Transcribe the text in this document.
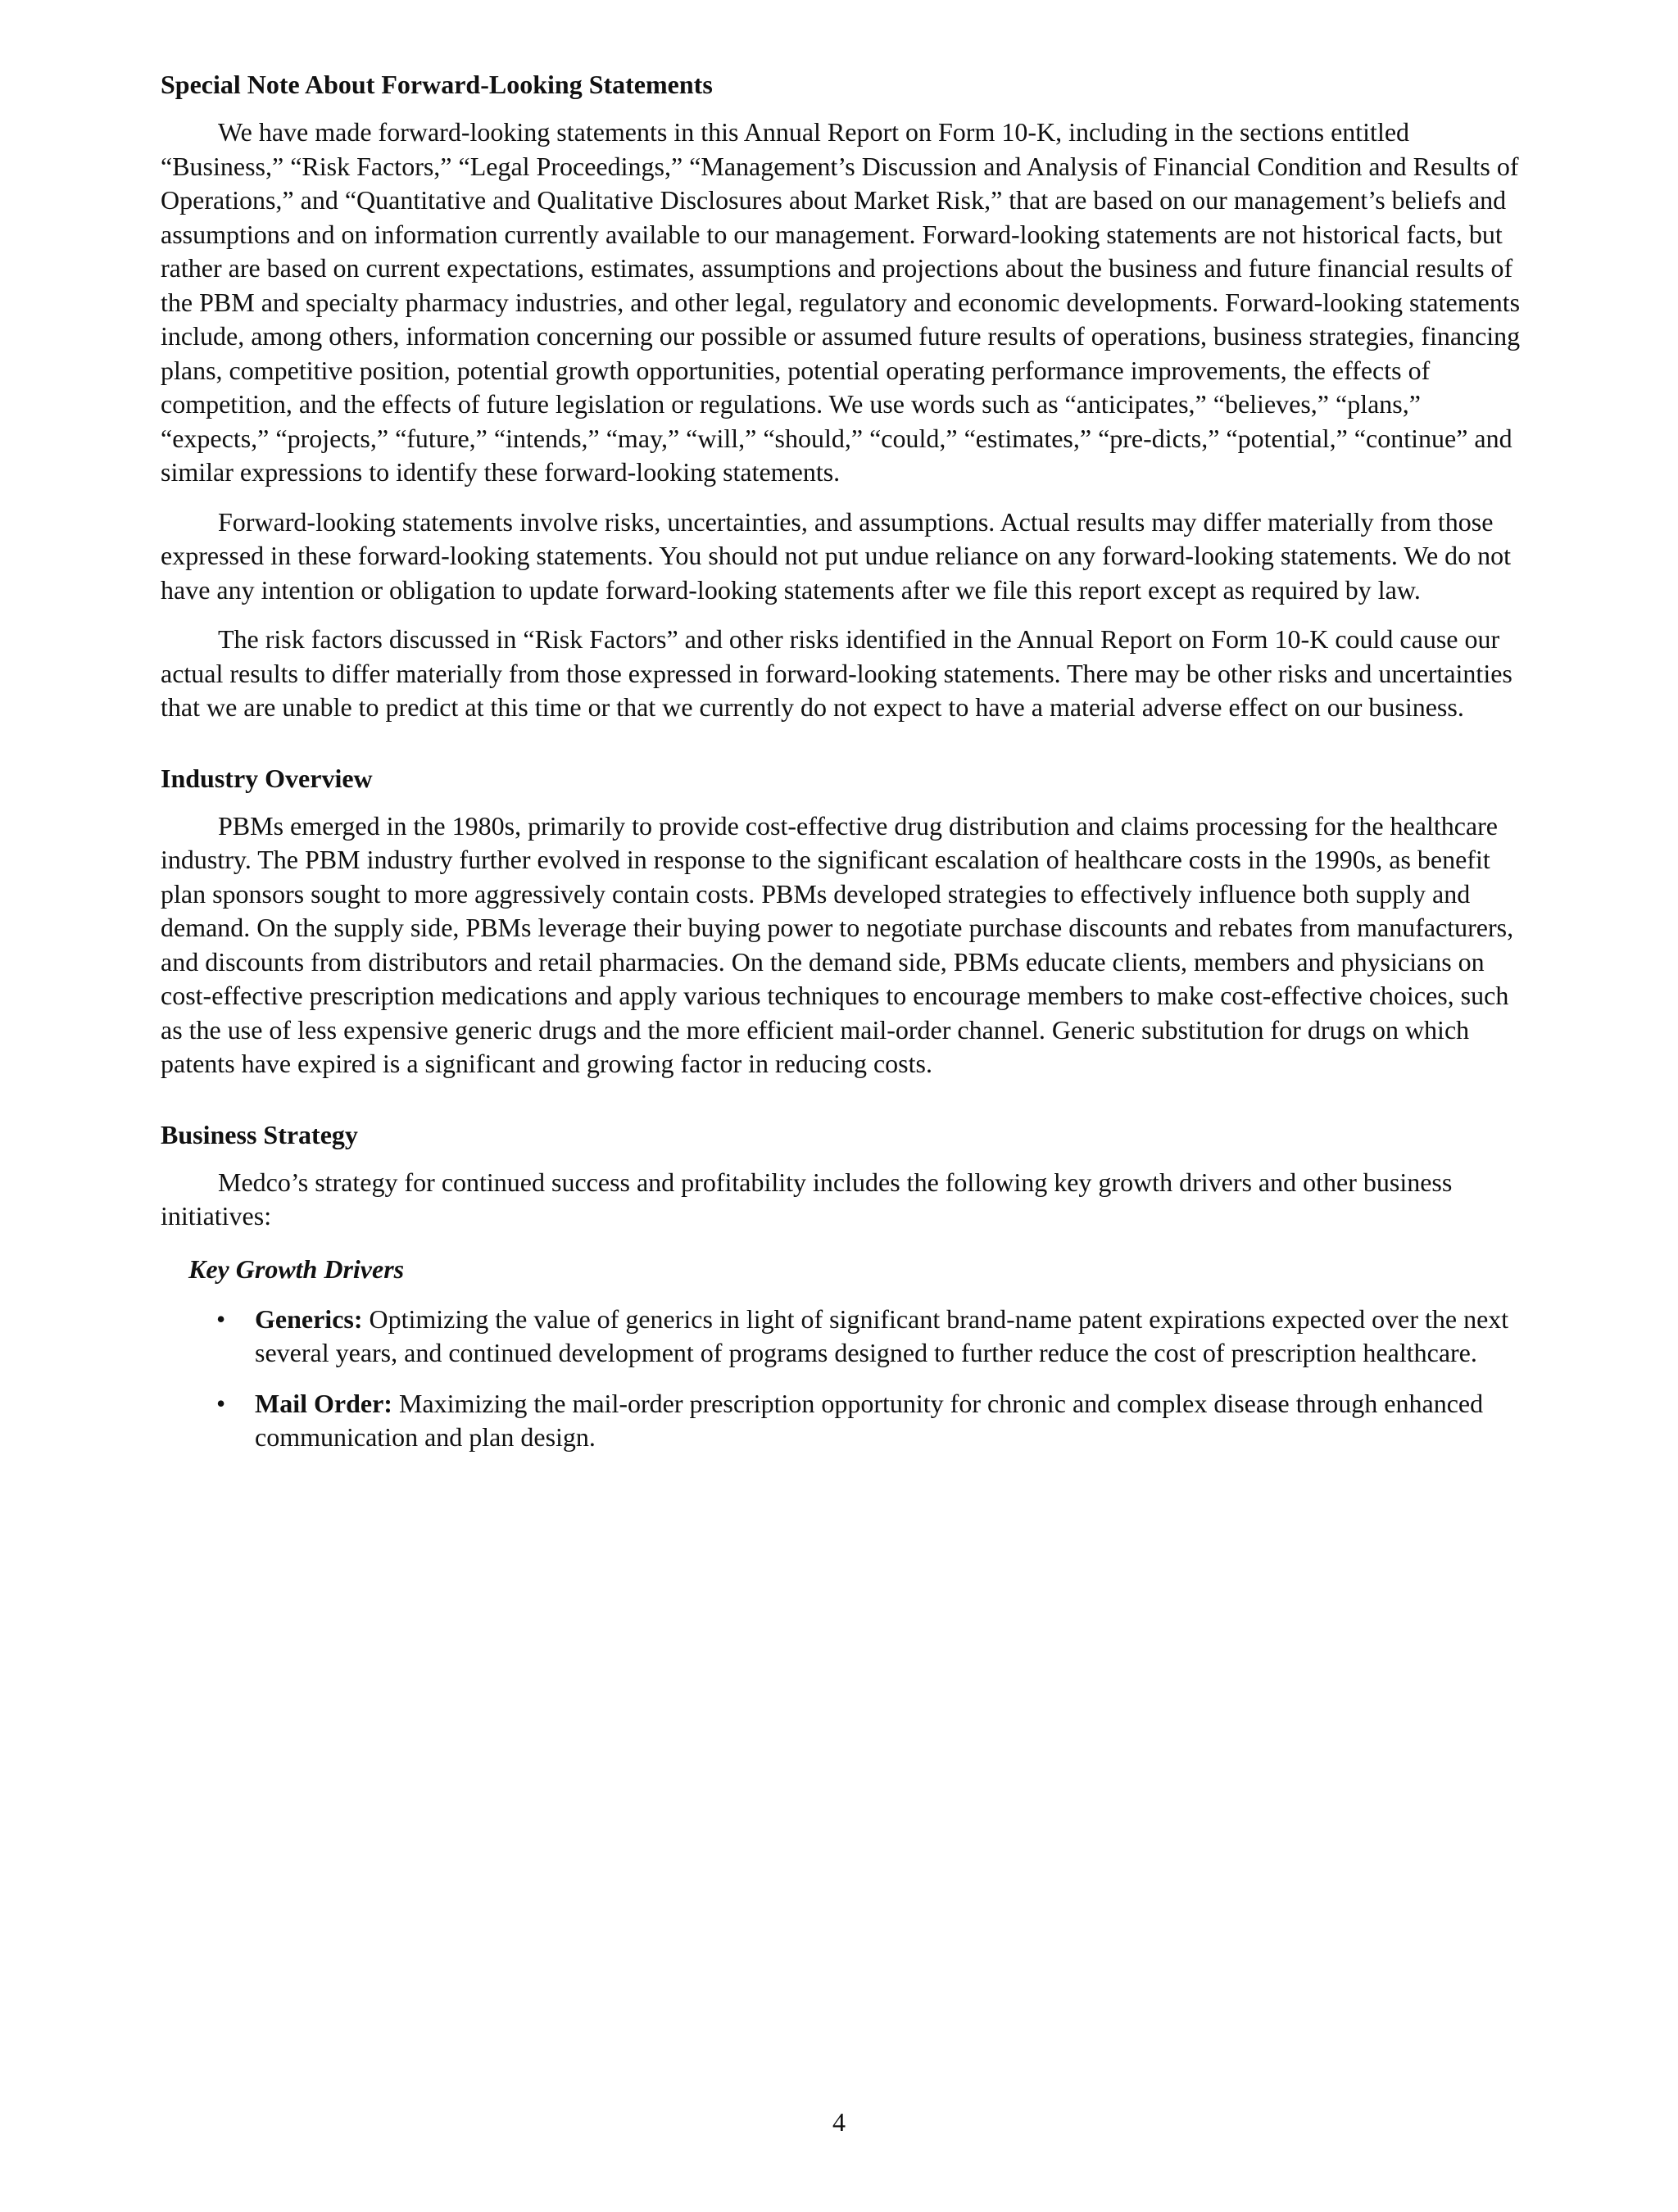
Special Note About Forward-Looking Statements

We have made forward-looking statements in this Annual Report on Form 10-K, including in the sections entitled “Business,” “Risk Factors,” “Legal Proceedings,” “Management’s Discussion and Analysis of Financial Condition and Results of Operations,” and “Quantitative and Qualitative Disclosures about Market Risk,” that are based on our management’s beliefs and assumptions and on information currently available to our management. Forward-looking statements are not historical facts, but rather are based on current expectations, estimates, assumptions and projections about the business and future financial results of the PBM and specialty pharmacy industries, and other legal, regulatory and economic developments. Forward-looking statements include, among others, information concerning our possible or assumed future results of operations, business strategies, financing plans, competitive position, potential growth opportunities, potential operating performance improvements, the effects of competition, and the effects of future legislation or regulations. We use words such as “anticipates,” “believes,” “plans,” “expects,” “projects,” “future,” “intends,” “may,” “will,” “should,” “could,” “estimates,” “pre-dicts,” “potential,” “continue” and similar expressions to identify these forward-looking statements.

Forward-looking statements involve risks, uncertainties, and assumptions. Actual results may differ materially from those expressed in these forward-looking statements. You should not put undue reliance on any forward-looking statements. We do not have any intention or obligation to update forward-looking statements after we file this report except as required by law.

The risk factors discussed in “Risk Factors” and other risks identified in the Annual Report on Form 10-K could cause our actual results to differ materially from those expressed in forward-looking statements. There may be other risks and uncertainties that we are unable to predict at this time or that we currently do not expect to have a material adverse effect on our business.

Industry Overview

PBMs emerged in the 1980s, primarily to provide cost-effective drug distribution and claims processing for the healthcare industry. The PBM industry further evolved in response to the significant escalation of healthcare costs in the 1990s, as benefit plan sponsors sought to more aggressively contain costs. PBMs developed strategies to effectively influence both supply and demand. On the supply side, PBMs leverage their buying power to negotiate purchase discounts and rebates from manufacturers, and discounts from distributors and retail pharmacies. On the demand side, PBMs educate clients, members and physicians on cost-effective prescription medications and apply various techniques to encourage members to make cost-effective choices, such as the use of less expensive generic drugs and the more efficient mail-order channel. Generic substitution for drugs on which patents have expired is a significant and growing factor in reducing costs.

Business Strategy

Medco’s strategy for continued success and profitability includes the following key growth drivers and other business initiatives:

Key Growth Drivers
• Generics: Optimizing the value of generics in light of significant brand-name patent expirations expected over the next several years, and continued development of programs designed to further reduce the cost of prescription healthcare.
• Mail Order: Maximizing the mail-order prescription opportunity for chronic and complex disease through enhanced communication and plan design.
4
